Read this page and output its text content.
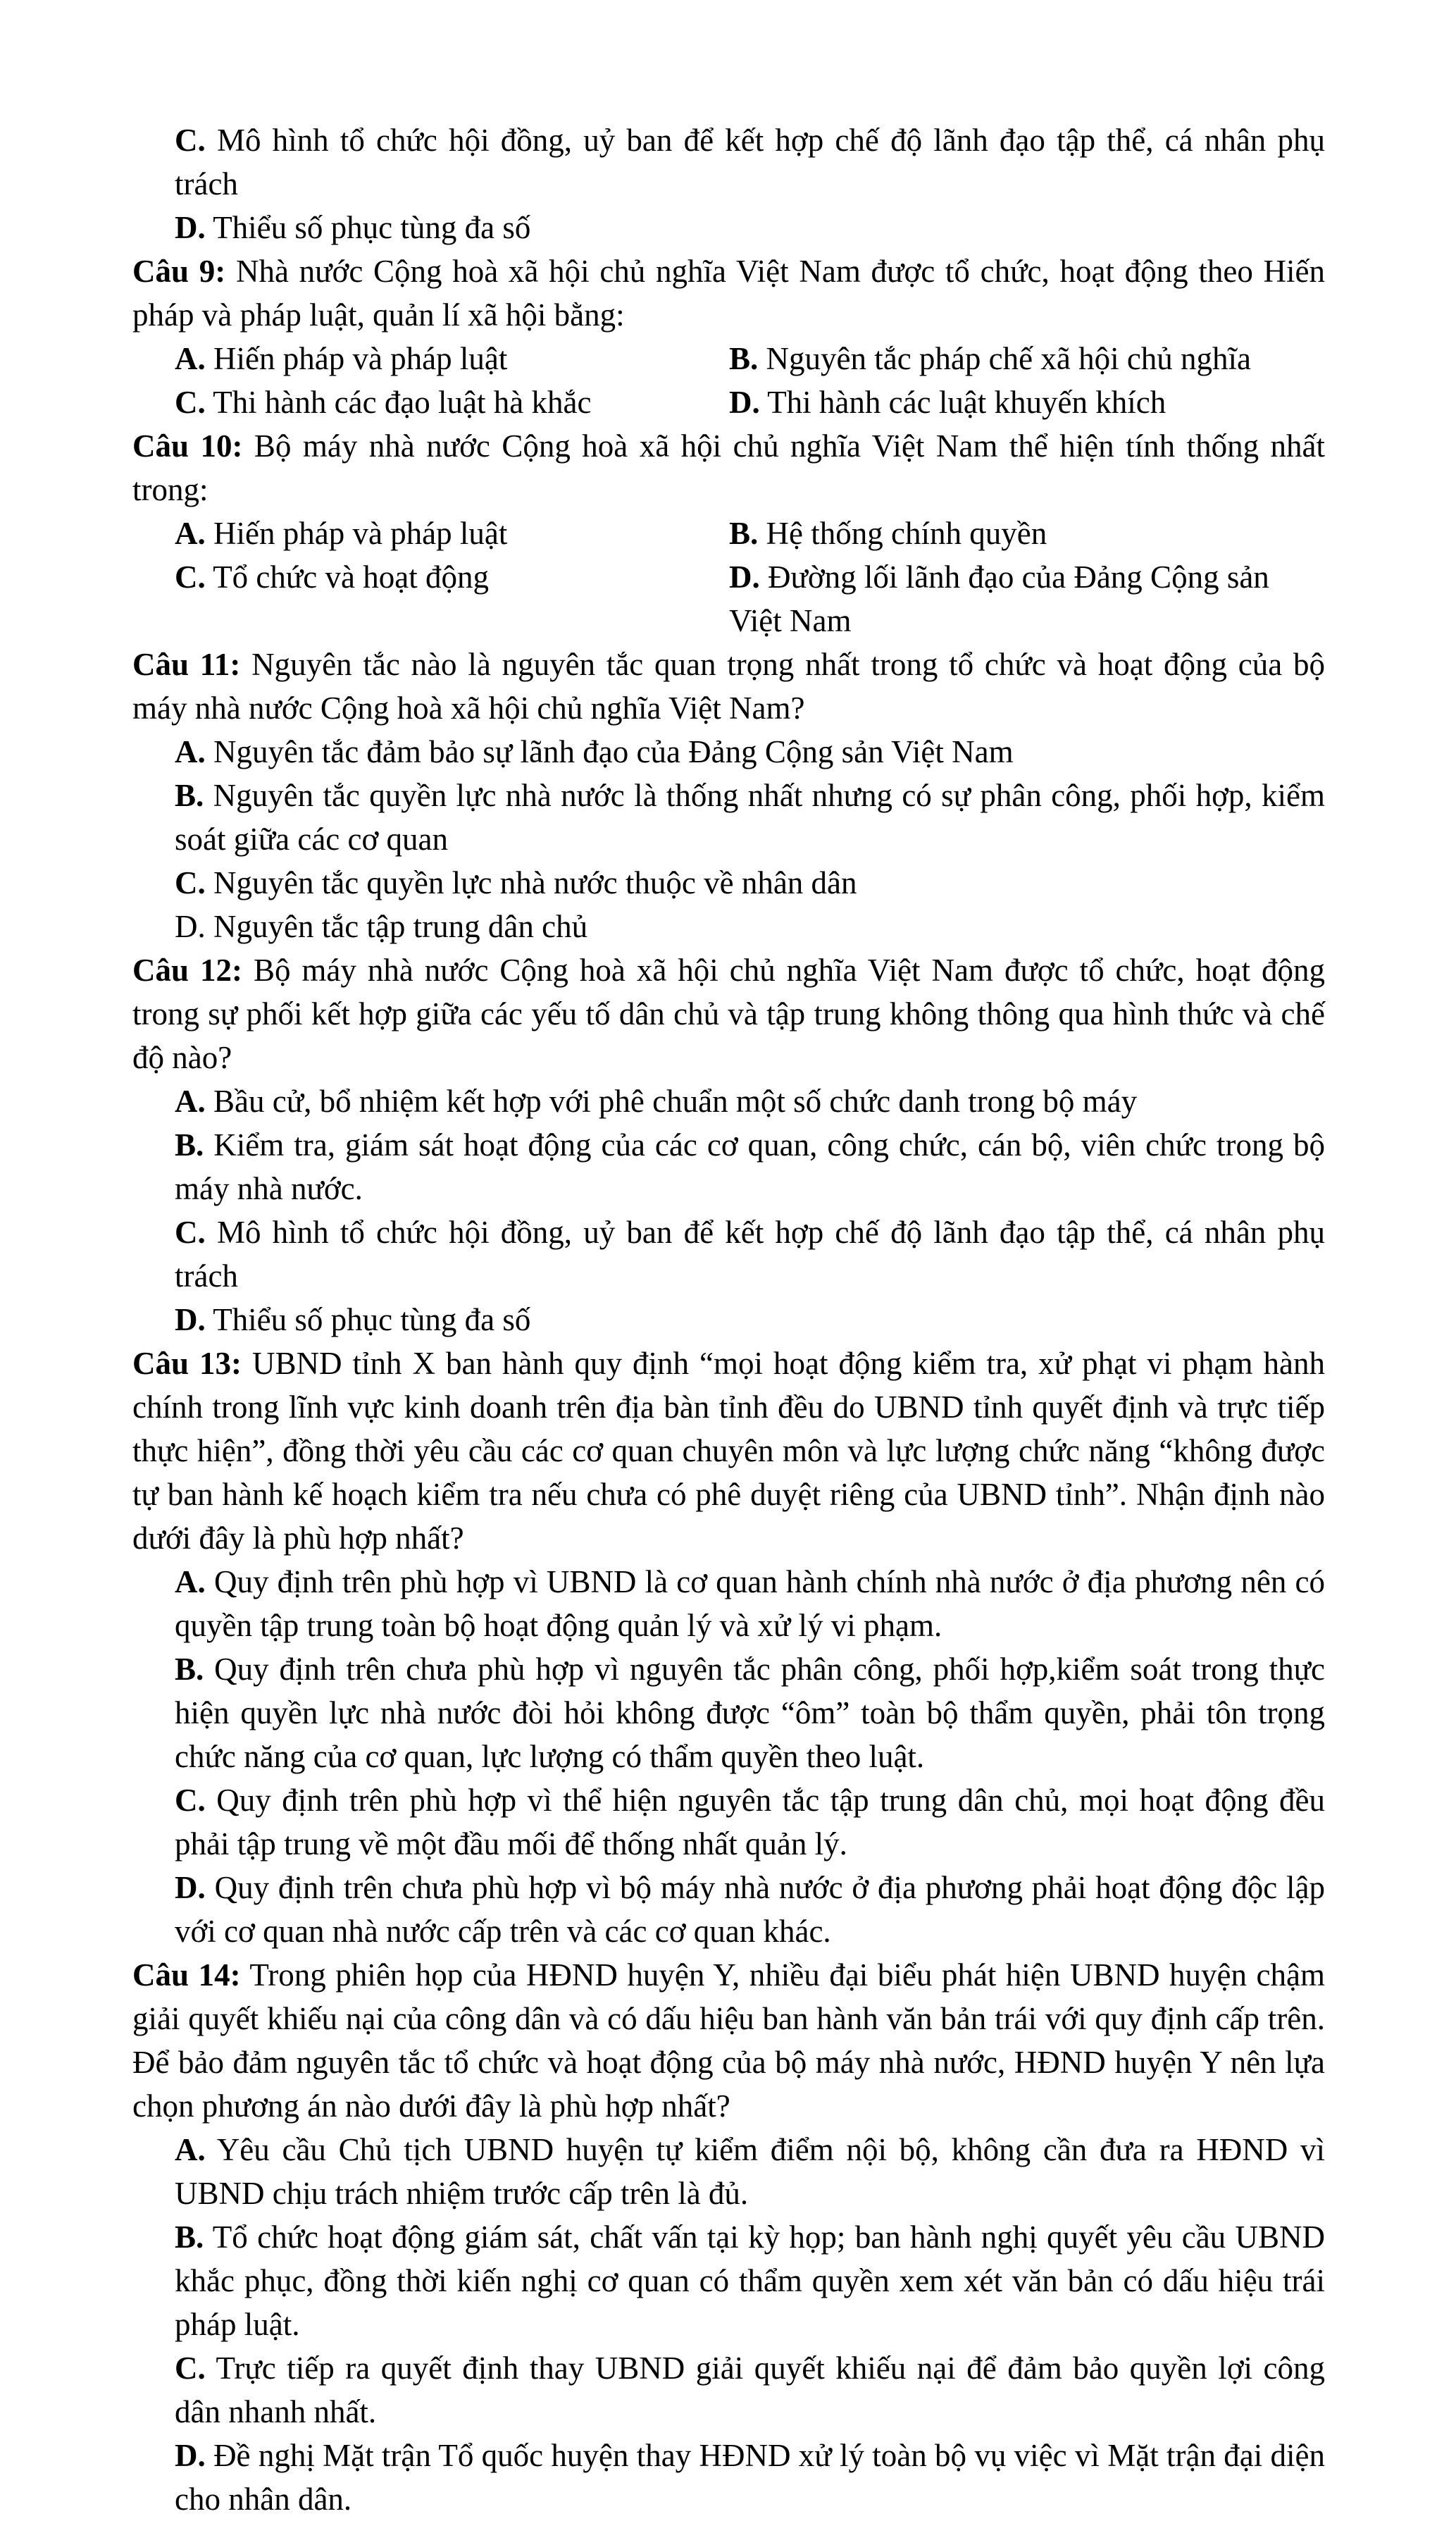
C. Mô hình tổ chức hội đồng, uỷ ban để kết hợp chế độ lãnh đạo tập thể, cá nhân phụ trách

D. Thiểu số phục tùng đa số

Câu 9: Nhà nước Cộng hoà xã hội chủ nghĩa Việt Nam được tổ chức, hoạt động theo Hiến pháp và pháp luật, quản lí xã hội bằng:

A. Hiến pháp và pháp luật	B. Nguyên tắc pháp chế xã hội chủ nghĩa

C. Thi hành các đạo luật hà khắc	D. Thi hành các luật khuyến khích

Câu 10: Bộ máy nhà nước Cộng hoà xã hội chủ nghĩa Việt Nam thể hiện tính thống nhất trong:

A. Hiến pháp và pháp luật	B. Hệ thống chính quyền

C. Tổ chức và hoạt động	D. Đường lối lãnh đạo của Đảng Cộng sản Việt Nam

Câu 11: Nguyên tắc nào là nguyên tắc quan trọng nhất trong tổ chức và hoạt động của bộ máy nhà nước Cộng hoà xã hội chủ nghĩa Việt Nam?

A. Nguyên tắc đảm bảo sự lãnh đạo của Đảng Cộng sản Việt Nam

B. Nguyên tắc quyền lực nhà nước là thống nhất nhưng có sự phân công, phối hợp, kiểm soát giữa các cơ quan

C. Nguyên tắc quyền lực nhà nước thuộc về nhân dân

D. Nguyên tắc tập trung dân chủ

Câu 12: Bộ máy nhà nước Cộng hoà xã hội chủ nghĩa Việt Nam được tổ chức, hoạt động trong sự phối kết hợp giữa các yếu tố dân chủ và tập trung không thông qua hình thức và chế độ nào?

A. Bầu cử, bổ nhiệm kết hợp với phê chuẩn một số chức danh trong bộ máy

B. Kiểm tra, giám sát hoạt động của các cơ quan, công chức, cán bộ, viên chức trong bộ máy nhà nước.

C. Mô hình tổ chức hội đồng, uỷ ban để kết hợp chế độ lãnh đạo tập thể, cá nhân phụ trách

D. Thiểu số phục tùng đa số

Câu 13: UBND tỉnh X ban hành quy định “mọi hoạt động kiểm tra, xử phạt vi phạm hành chính trong lĩnh vực kinh doanh trên địa bàn tỉnh đều do UBND tỉnh quyết định và trực tiếp thực hiện”, đồng thời yêu cầu các cơ quan chuyên môn và lực lượng chức năng “không được tự ban hành kế hoạch kiểm tra nếu chưa có phê duyệt riêng của UBND tỉnh”. Nhận định nào dưới đây là phù hợp nhất?

A. Quy định trên phù hợp vì UBND là cơ quan hành chính nhà nước ở địa phương nên có quyền tập trung toàn bộ hoạt động quản lý và xử lý vi phạm.

B. Quy định trên chưa phù hợp vì nguyên tắc phân công, phối hợp,kiểm soát trong thực hiện quyền lực nhà nước đòi hỏi không được “ôm” toàn bộ thẩm quyền, phải tôn trọng chức năng của cơ quan, lực lượng có thẩm quyền theo luật.

C. Quy định trên phù hợp vì thể hiện nguyên tắc tập trung dân chủ, mọi hoạt động đều phải tập trung về một đầu mối để thống nhất quản lý.

D. Quy định trên chưa phù hợp vì bộ máy nhà nước ở địa phương phải hoạt động độc lập với cơ quan nhà nước cấp trên và các cơ quan khác.

Câu 14: Trong phiên họp của HĐND huyện Y, nhiều đại biểu phát hiện UBND huyện chậm giải quyết khiếu nại của công dân và có dấu hiệu ban hành văn bản trái với quy định cấp trên. Để bảo đảm nguyên tắc tổ chức và hoạt động của bộ máy nhà nước, HĐND huyện Y nên lựa chọn phương án nào dưới đây là phù hợp nhất?

A. Yêu cầu Chủ tịch UBND huyện tự kiểm điểm nội bộ, không cần đưa ra HĐND vì UBND chịu trách nhiệm trước cấp trên là đủ.

B. Tổ chức hoạt động giám sát, chất vấn tại kỳ họp; ban hành nghị quyết yêu cầu UBND khắc phục, đồng thời kiến nghị cơ quan có thẩm quyền xem xét văn bản có dấu hiệu trái pháp luật.

C. Trực tiếp ra quyết định thay UBND giải quyết khiếu nại để đảm bảo quyền lợi công dân nhanh nhất.

D. Đề nghị Mặt trận Tổ quốc huyện thay HĐND xử lý toàn bộ vụ việc vì Mặt trận đại diện cho nhân dân.
